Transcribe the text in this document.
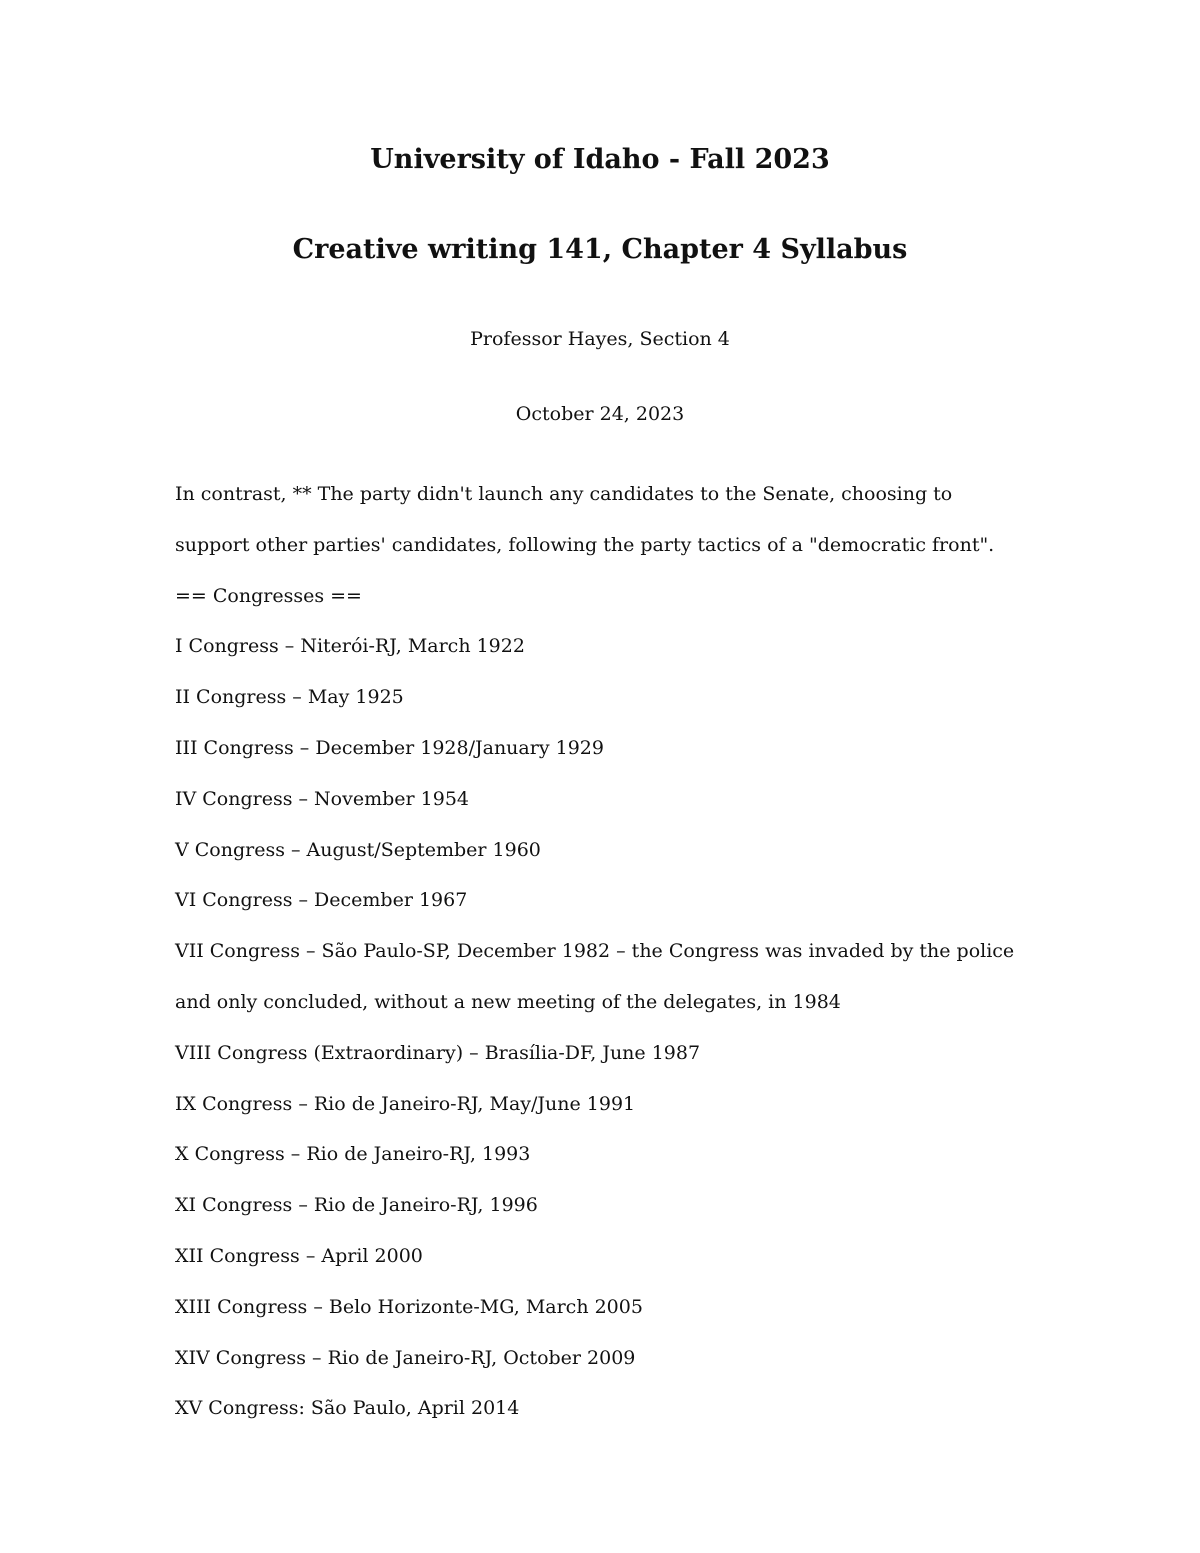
University of Idaho - Fall 2023
Creative writing 141, Chapter 4 Syllabus

Professor Hayes, Section 4

October 24, 2023

In contrast, ** The party didn't launch any candidates to the Senate, choosing to support other parties' candidates, following the party tactics of a "democratic front". == Congresses ==

I Congress – Niterói-RJ, March 1922

II Congress – May 1925

III Congress – December 1928/January 1929

IV Congress – November 1954

V Congress – August/September 1960

VI Congress – December 1967

VII Congress – São Paulo-SP, December 1982 – the Congress was invaded by the police and only concluded, without a new meeting of the delegates, in 1984

VIII Congress (Extraordinary) – Brasília-DF, June 1987

IX Congress – Rio de Janeiro-RJ, May/June 1991

X Congress – Rio de Janeiro-RJ, 1993

XI Congress – Rio de Janeiro-RJ, 1996

XII Congress – April 2000

XIII Congress – Belo Horizonte-MG, March 2005

XIV Congress – Rio de Janeiro-RJ, October 2009

XV Congress: São Paulo, April 2014
